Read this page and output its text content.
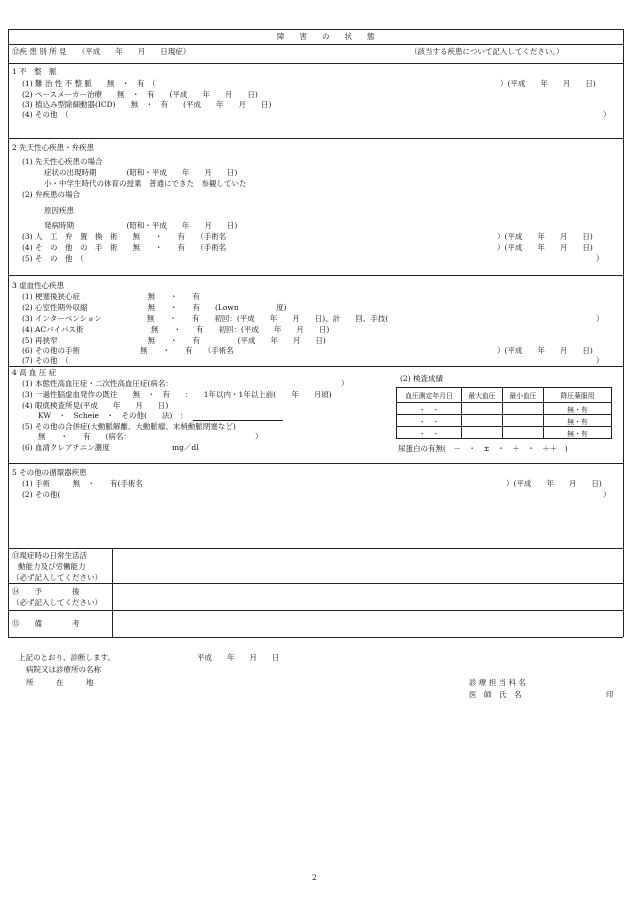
障　　害　　の　　状　　態
⑫疾 患 別 所 見　　（平成　　年　　月　　日現症）	（該当する疾患について記入してください。）
1 不　整　脈
(1) 難 治 性 不 整 脈　　無　・　有　（	）(平成　　年　　月　　日)
(2) ペースメーカー治療　　無　・　有　　(平成　　年　　月　　日)
(3) 植込み型除細動器(ICD)　　無　・　有　　(平成　　年　　月　　日)
(4) その他　（	）
2 先天性心疾患・弁疾患
(1) 先天性心疾患の場合
症状の出現時期　　　　(昭和・平成　　年　　月　　日)
小・中学生時代の体育の授業　普通にできた　参観していた
(2) 弁疾患の場合
原因疾患
発病時期　　　　　　　(昭和・平成　　年　　月　　日)
(3) 人　工　弁　置　換　術　　無　　・　　有　　（手術名	）(平成　　年　　月　　日)
(4) そ　の　他　の　手　術　　無　　・　　有　　（手術名	）(平成　　年　　月　　日)
(5) そ　の　他　（	）
3 虚血性心疾患
(1) 梗塞後狭心症　　　　　　　　　無　　・　　有
(2) 心室性期外収縮　　　　　　　　無　　・　　有　　(Lown　　　　　度)
(3) インターベンション　　　　　　無　　・　　有　　初回：(平成　　年　　月　　日)、計　　回、手技(	）
(4) ACバイパス術　　　　　　　　　無　　・　　有　　初回：(平成　　年　　月　　日)
(5) 再狭窄　　　　　　　　　　　　無　　・　　有　　　　　(平成　　年　　月　　日)
(6) その他の手術　　　　　　　　無　　・　　有　　（手術名	）(平成　　年　　月　　日)
(7) その他　（	）
4 高 血 圧 症
(1) 本態性高血圧症・二次性高血圧症(病名：	）
(3) 一過性脳虚血発作の既往　　無　・　有　　：　　1年以内・1年以上前(　　年　　月頃)
(4) 眼底検査所見(平成　　年　　月　　日)
KW　・　Scheie　・　その他(　　法)　：
(5) その他の合併症(大動脈解離、大動脈瘤、末梢動脈閉塞など)
無　　・　　有　　(病名：	）
(6) 血清クレアチニン濃度	mg／dl
(2) 検査成績
血圧測定年月日	最大血圧	最小血圧	降圧薬服用
・　・			無・有
・　・			無・有
・　・			無・有
尿蛋白の有無(　－　・　±　・　＋　・　＋＋　)
5 その他の循環器疾患
(1) 手術　　　無　・　　有(手術名	）(平成　　年　　月　　日)
(2) その他(	）
⑬現症時の日常生活活
動能力及び労働能力
（必ず記入してください）
⑭　　予　　　　後
（必ず記入してください）
⑮　　備　　　　考
上記のとおり、診断します。	平成　　年　　月　　日
病院又は診療所の名称
所　　　在　　　地	診 療 担 当 科 名
医　師　氏　名	印
2
